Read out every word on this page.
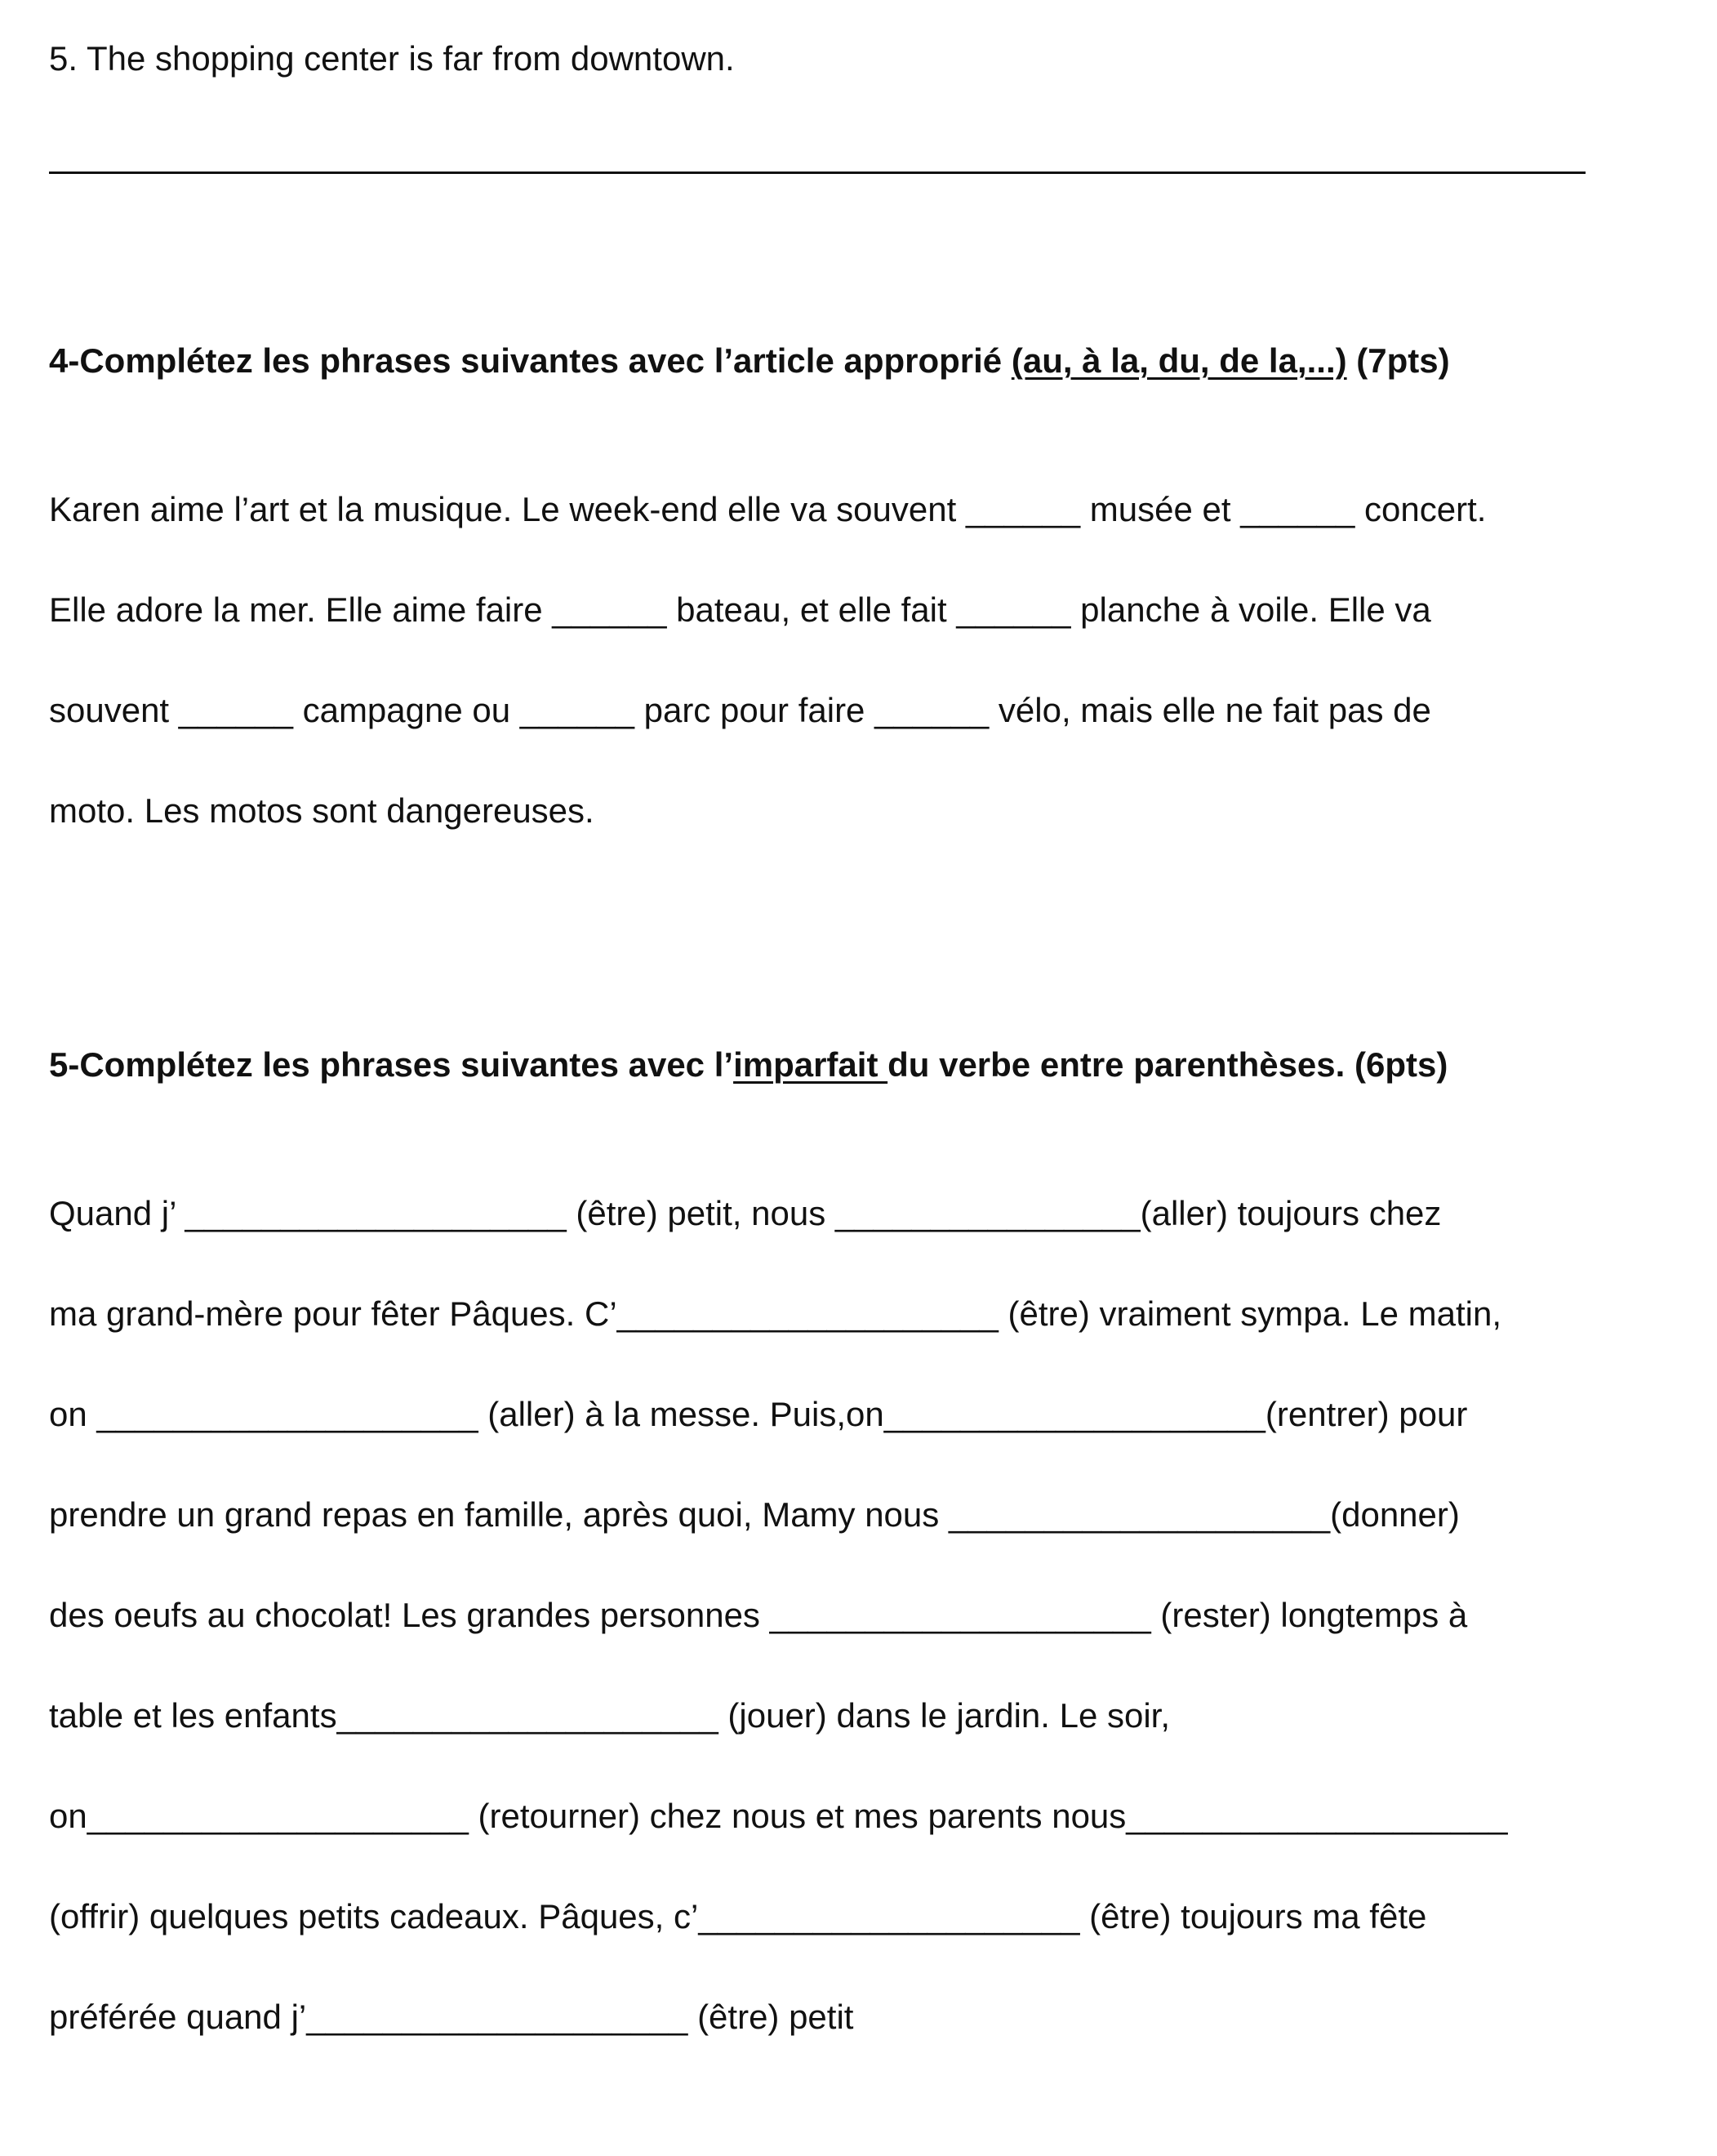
5. The shopping center is far from downtown.
4-Complétez les phrases suivantes avec l’article approprié (au, à la, du, de la,...) (7pts)
Karen aime l’art et la musique. Le week-end elle va souvent ______ musée et ______ concert.
Elle adore la mer. Elle aime faire ______ bateau, et elle fait ______ planche à voile. Elle va
souvent ______ campagne ou ______ parc pour faire ______ vélo, mais elle ne fait pas de
moto. Les motos sont dangereuses.
5-Complétez les phrases suivantes avec l’imparfait du verbe entre parenthèses. (6pts)
Quand j’ ____________________ (être) petit, nous ________________(aller) toujours chez
ma grand-mère pour fêter Pâques. C’____________________ (être) vraiment sympa. Le matin,
on ____________________ (aller) à la messe. Puis,on____________________(rentrer) pour
prendre un grand repas en famille, après quoi, Mamy nous ____________________(donner)
des oeufs au chocolat! Les grandes personnes ____________________ (rester) longtemps à
table et les enfants____________________ (jouer) dans le jardin. Le soir,
on____________________ (retourner) chez nous et mes parents nous____________________
(offrir) quelques petits cadeaux. Pâques, c’____________________ (être) toujours ma fête
préférée quand j’____________________ (être) petit
